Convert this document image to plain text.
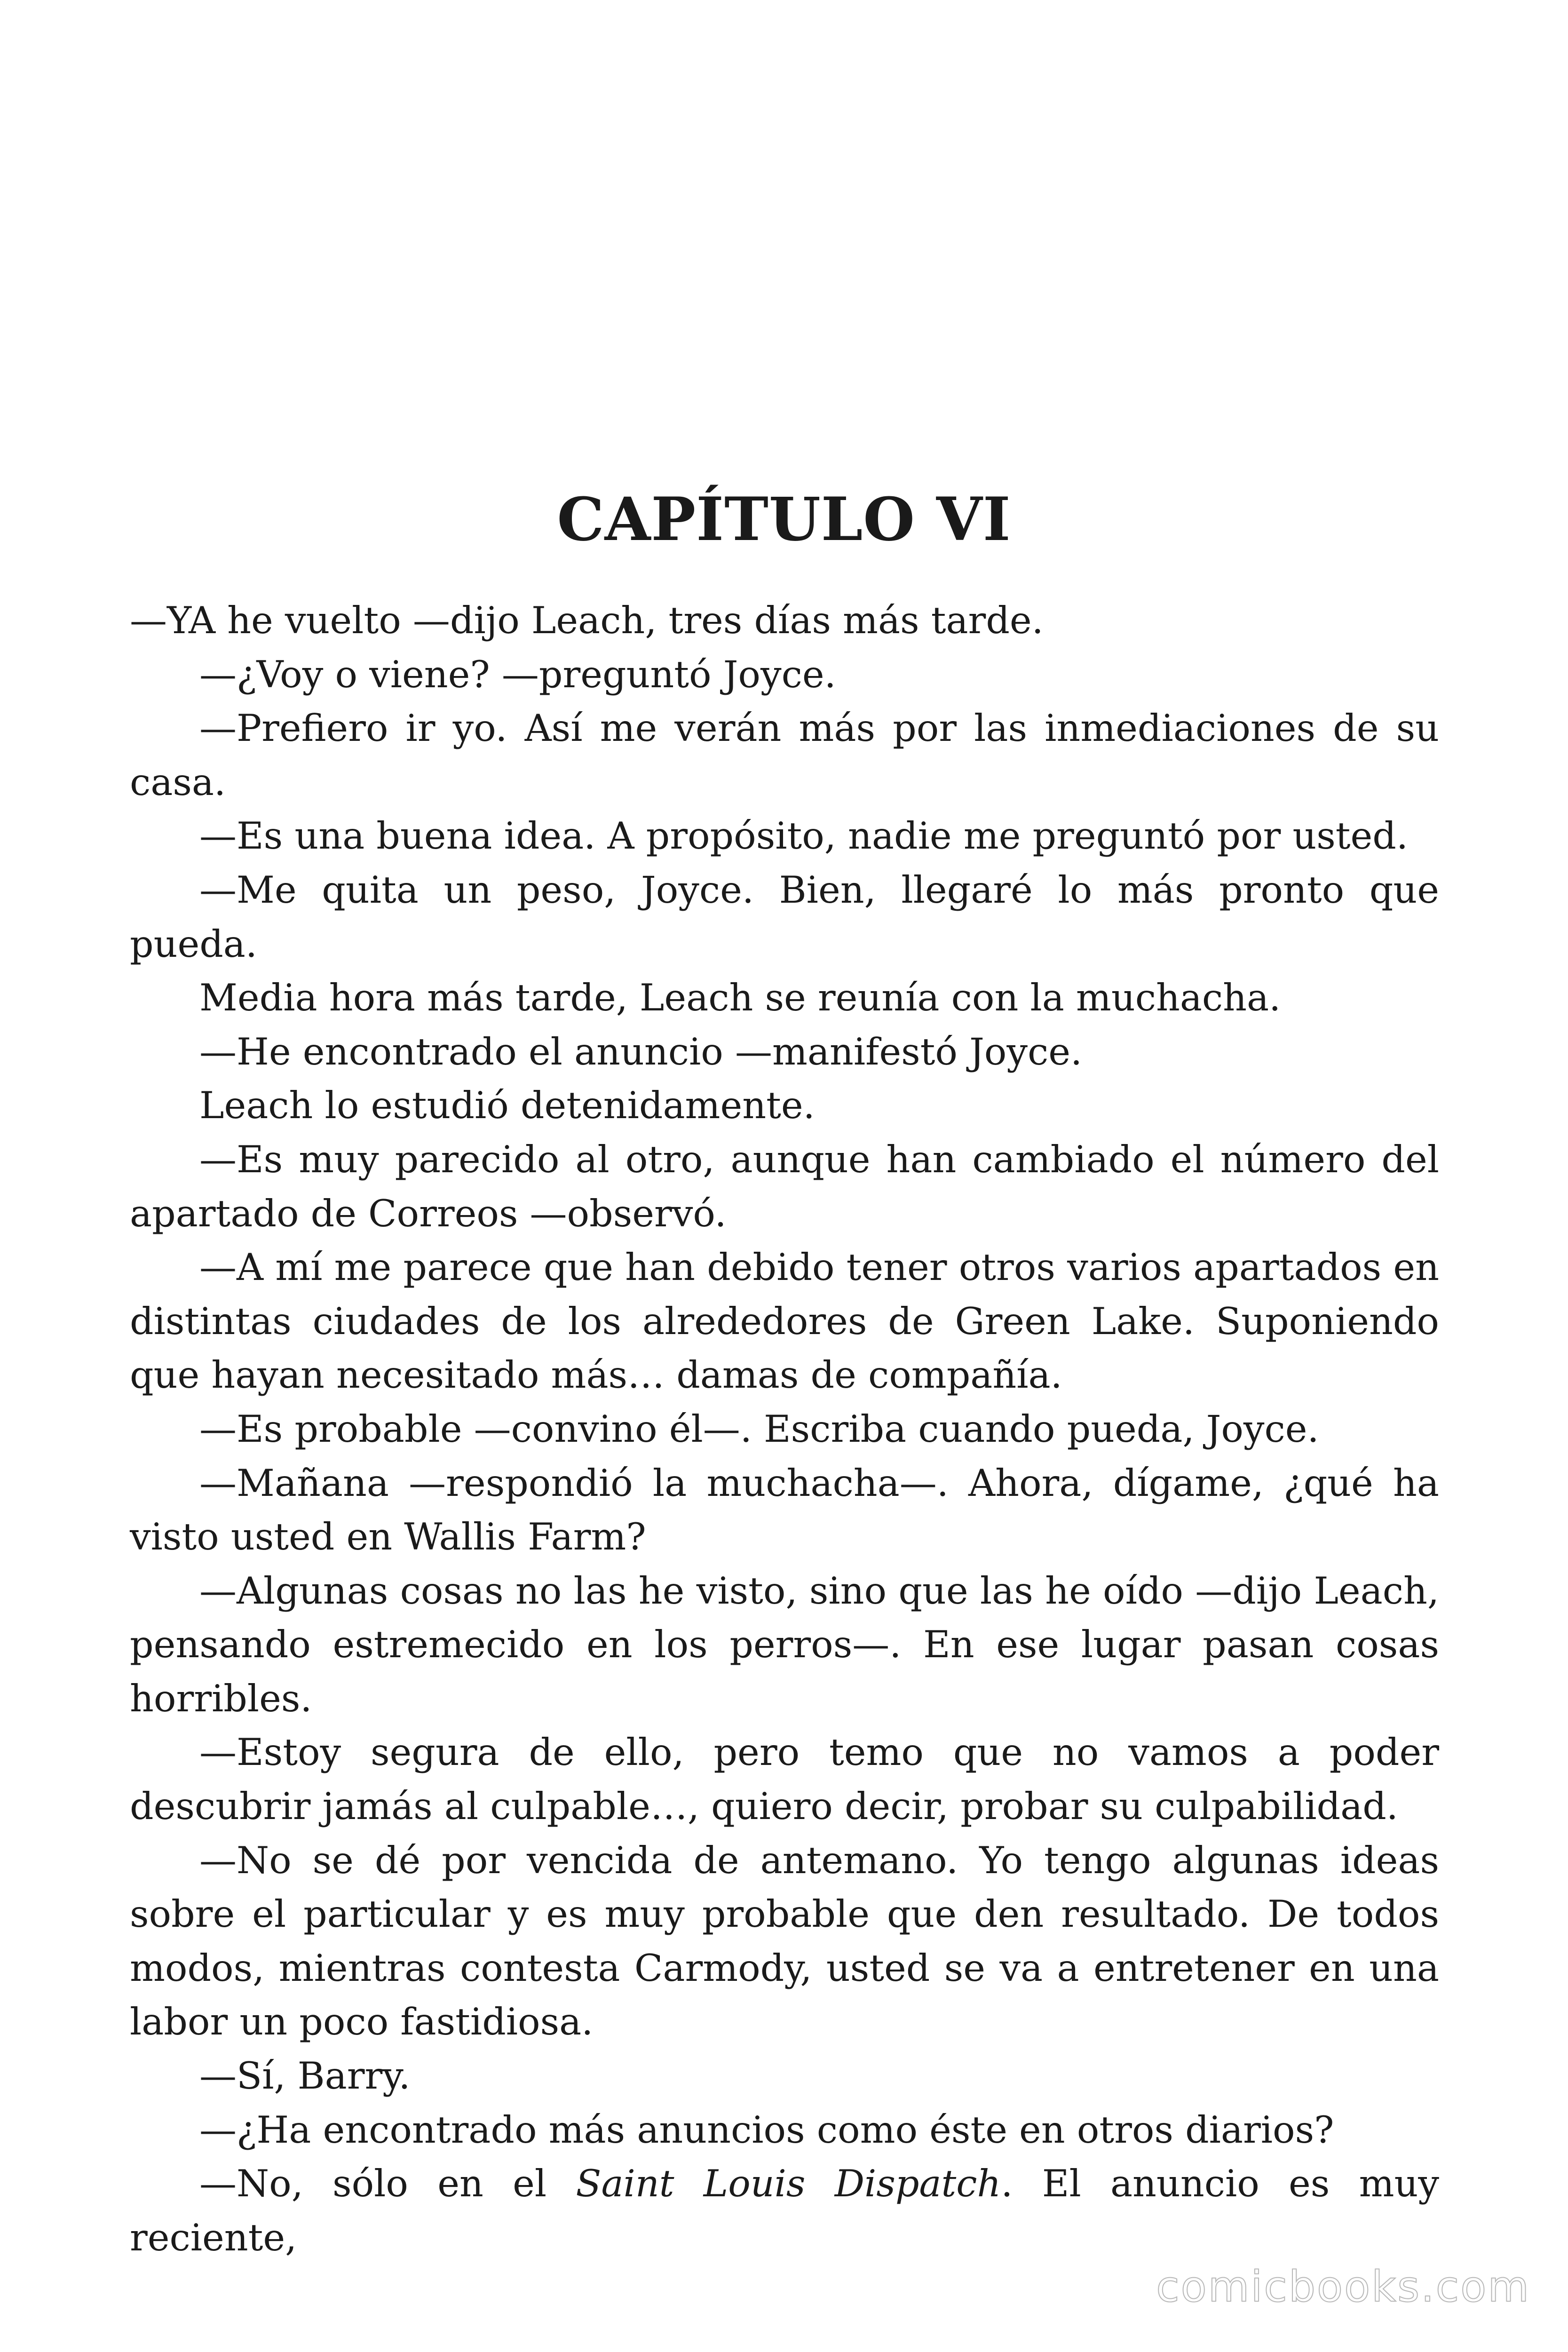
CAPÍTULO VI

—YA he vuelto —dijo Leach, tres días más tarde.

—¿Voy o viene? —preguntó Joyce.

—Prefiero ir yo. Así me verán más por las inmediaciones de su casa.

—Es una buena idea. A propósito, nadie me preguntó por usted.

—Me quita un peso, Joyce. Bien, llegaré lo más pronto que pueda.

Media hora más tarde, Leach se reunía con la muchacha.

—He encontrado el anuncio —manifestó Joyce.

Leach lo estudió detenidamente.

—Es muy parecido al otro, aunque han cambiado el número del apartado de Correos —observó.

—A mí me parece que han debido tener otros varios apartados en distintas ciudades de los alrededores de Green Lake. Suponiendo que hayan necesitado más… damas de compañía.

—Es probable —convino él—. Escriba cuando pueda, Joyce.

—Mañana —respondió la muchacha—. Ahora, dígame, ¿qué ha visto usted en Wallis Farm?

—Algunas cosas no las he visto, sino que las he oído —dijo Leach, pensando estremecido en los perros—. En ese lugar pasan cosas horribles.

—Estoy segura de ello, pero temo que no vamos a poder descubrir jamás al culpable…, quiero decir, probar su culpabilidad.

—No se dé por vencida de antemano. Yo tengo algunas ideas sobre el particular y es muy probable que den resultado. De todos modos, mientras contesta Carmody, usted se va a entretener en una labor un poco fastidiosa.

—Sí, Barry.

—¿Ha encontrado más anuncios como éste en otros diarios?

—No, sólo en el Saint Louis Dispatch. El anuncio es muy reciente,

comicbooks.com
